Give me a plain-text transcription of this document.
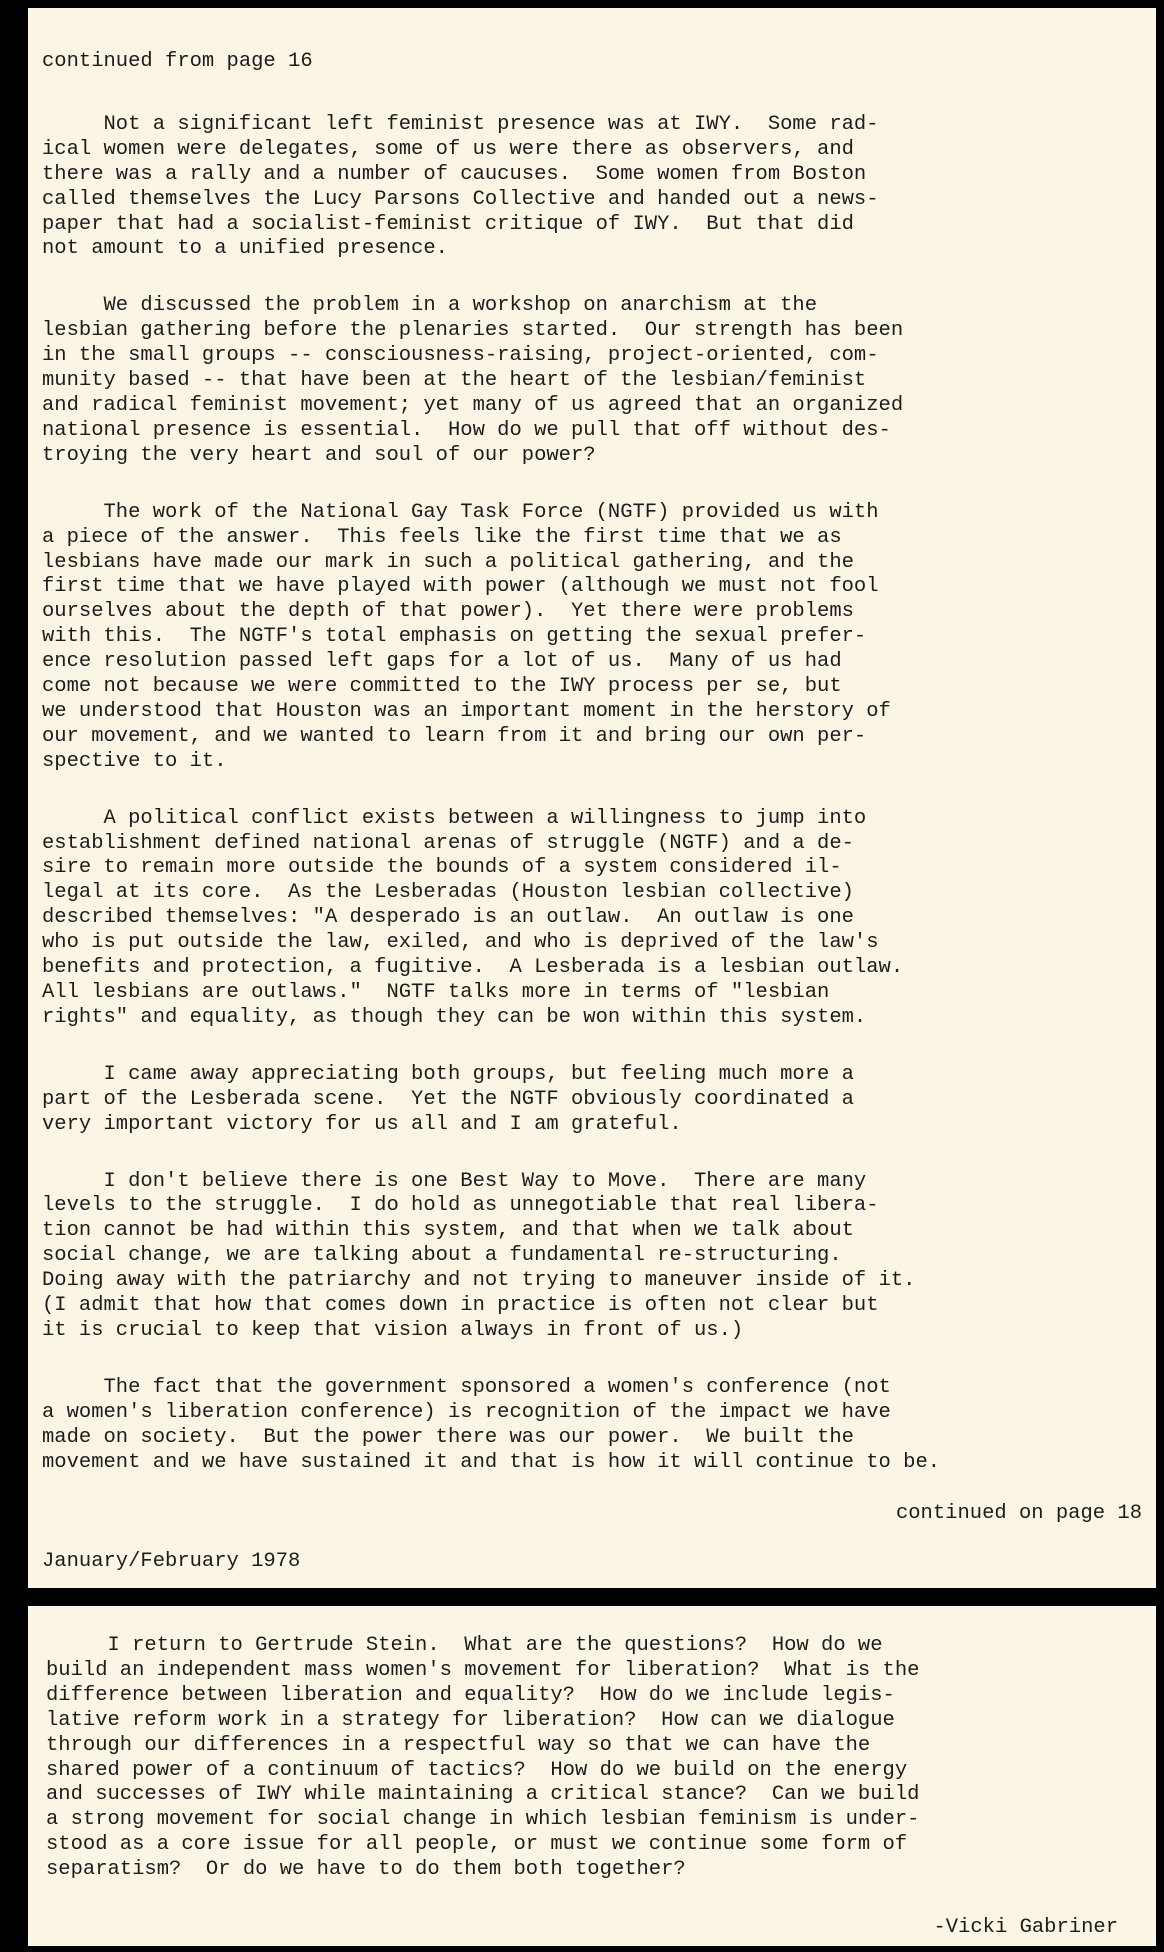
continued from page 16

Not a significant left feminist presence was at IWY.  Some rad-
ical women were delegates, some of us were there as observers, and
there was a rally and a number of caucuses.  Some women from Boston
called themselves the Lucy Parsons Collective and handed out a news-
paper that had a socialist-feminist critique of IWY.  But that did
not amount to a unified presence.

We discussed the problem in a workshop on anarchism at the
lesbian gathering before the plenaries started.  Our strength has been
in the small groups -- consciousness-raising, project-oriented, com-
munity based -- that have been at the heart of the lesbian/feminist
and radical feminist movement; yet many of us agreed that an organized
national presence is essential.  How do we pull that off without des-
troying the very heart and soul of our power?

The work of the National Gay Task Force (NGTF) provided us with
a piece of the answer.  This feels like the first time that we as
lesbians have made our mark in such a political gathering, and the
first time that we have played with power (although we must not fool
ourselves about the depth of that power).  Yet there were problems
with this.  The NGTF's total emphasis on getting the sexual prefer-
ence resolution passed left gaps for a lot of us.  Many of us had
come not because we were committed to the IWY process per se, but
we understood that Houston was an important moment in the herstory of
our movement, and we wanted to learn from it and bring our own per-
spective to it.

A political conflict exists between a willingness to jump into
establishment defined national arenas of struggle (NGTF) and a de-
sire to remain more outside the bounds of a system considered il-
legal at its core.  As the Lesberadas (Houston lesbian collective)
described themselves: "A desperado is an outlaw.  An outlaw is one
who is put outside the law, exiled, and who is deprived of the law's
benefits and protection, a fugitive.  A Lesberada is a lesbian outlaw.
All lesbians are outlaws."  NGTF talks more in terms of "lesbian
rights" and equality, as though they can be won within this system.

I came away appreciating both groups, but feeling much more a
part of the Lesberada scene.  Yet the NGTF obviously coordinated a
very important victory for us all and I am grateful.

I don't believe there is one Best Way to Move.  There are many
levels to the struggle.  I do hold as unnegotiable that real libera-
tion cannot be had within this system, and that when we talk about
social change, we are talking about a fundamental re-structuring.
Doing away with the patriarchy and not trying to maneuver inside of it.
(I admit that how that comes down in practice is often not clear but
it is crucial to keep that vision always in front of us.)

The fact that the government sponsored a women's conference (not
a women's liberation conference) is recognition of the impact we have
made on society.  But the power there was our power.  We built the
movement and we have sustained it and that is how it will continue to be.

continued on page 18
January/February 1978

I return to Gertrude Stein.  What are the questions?  How do we
build an independent mass women's movement for liberation?  What is the
difference between liberation and equality?  How do we include legis-
lative reform work in a strategy for liberation?  How can we dialogue
through our differences in a respectful way so that we can have the
shared power of a continuum of tactics?  How do we build on the energy
and successes of IWY while maintaining a critical stance?  Can we build
a strong movement for social change in which lesbian feminism is under-
stood as a core issue for all people, or must we continue some form of
separatism?  Or do we have to do them both together?

-Vicki Gabriner
